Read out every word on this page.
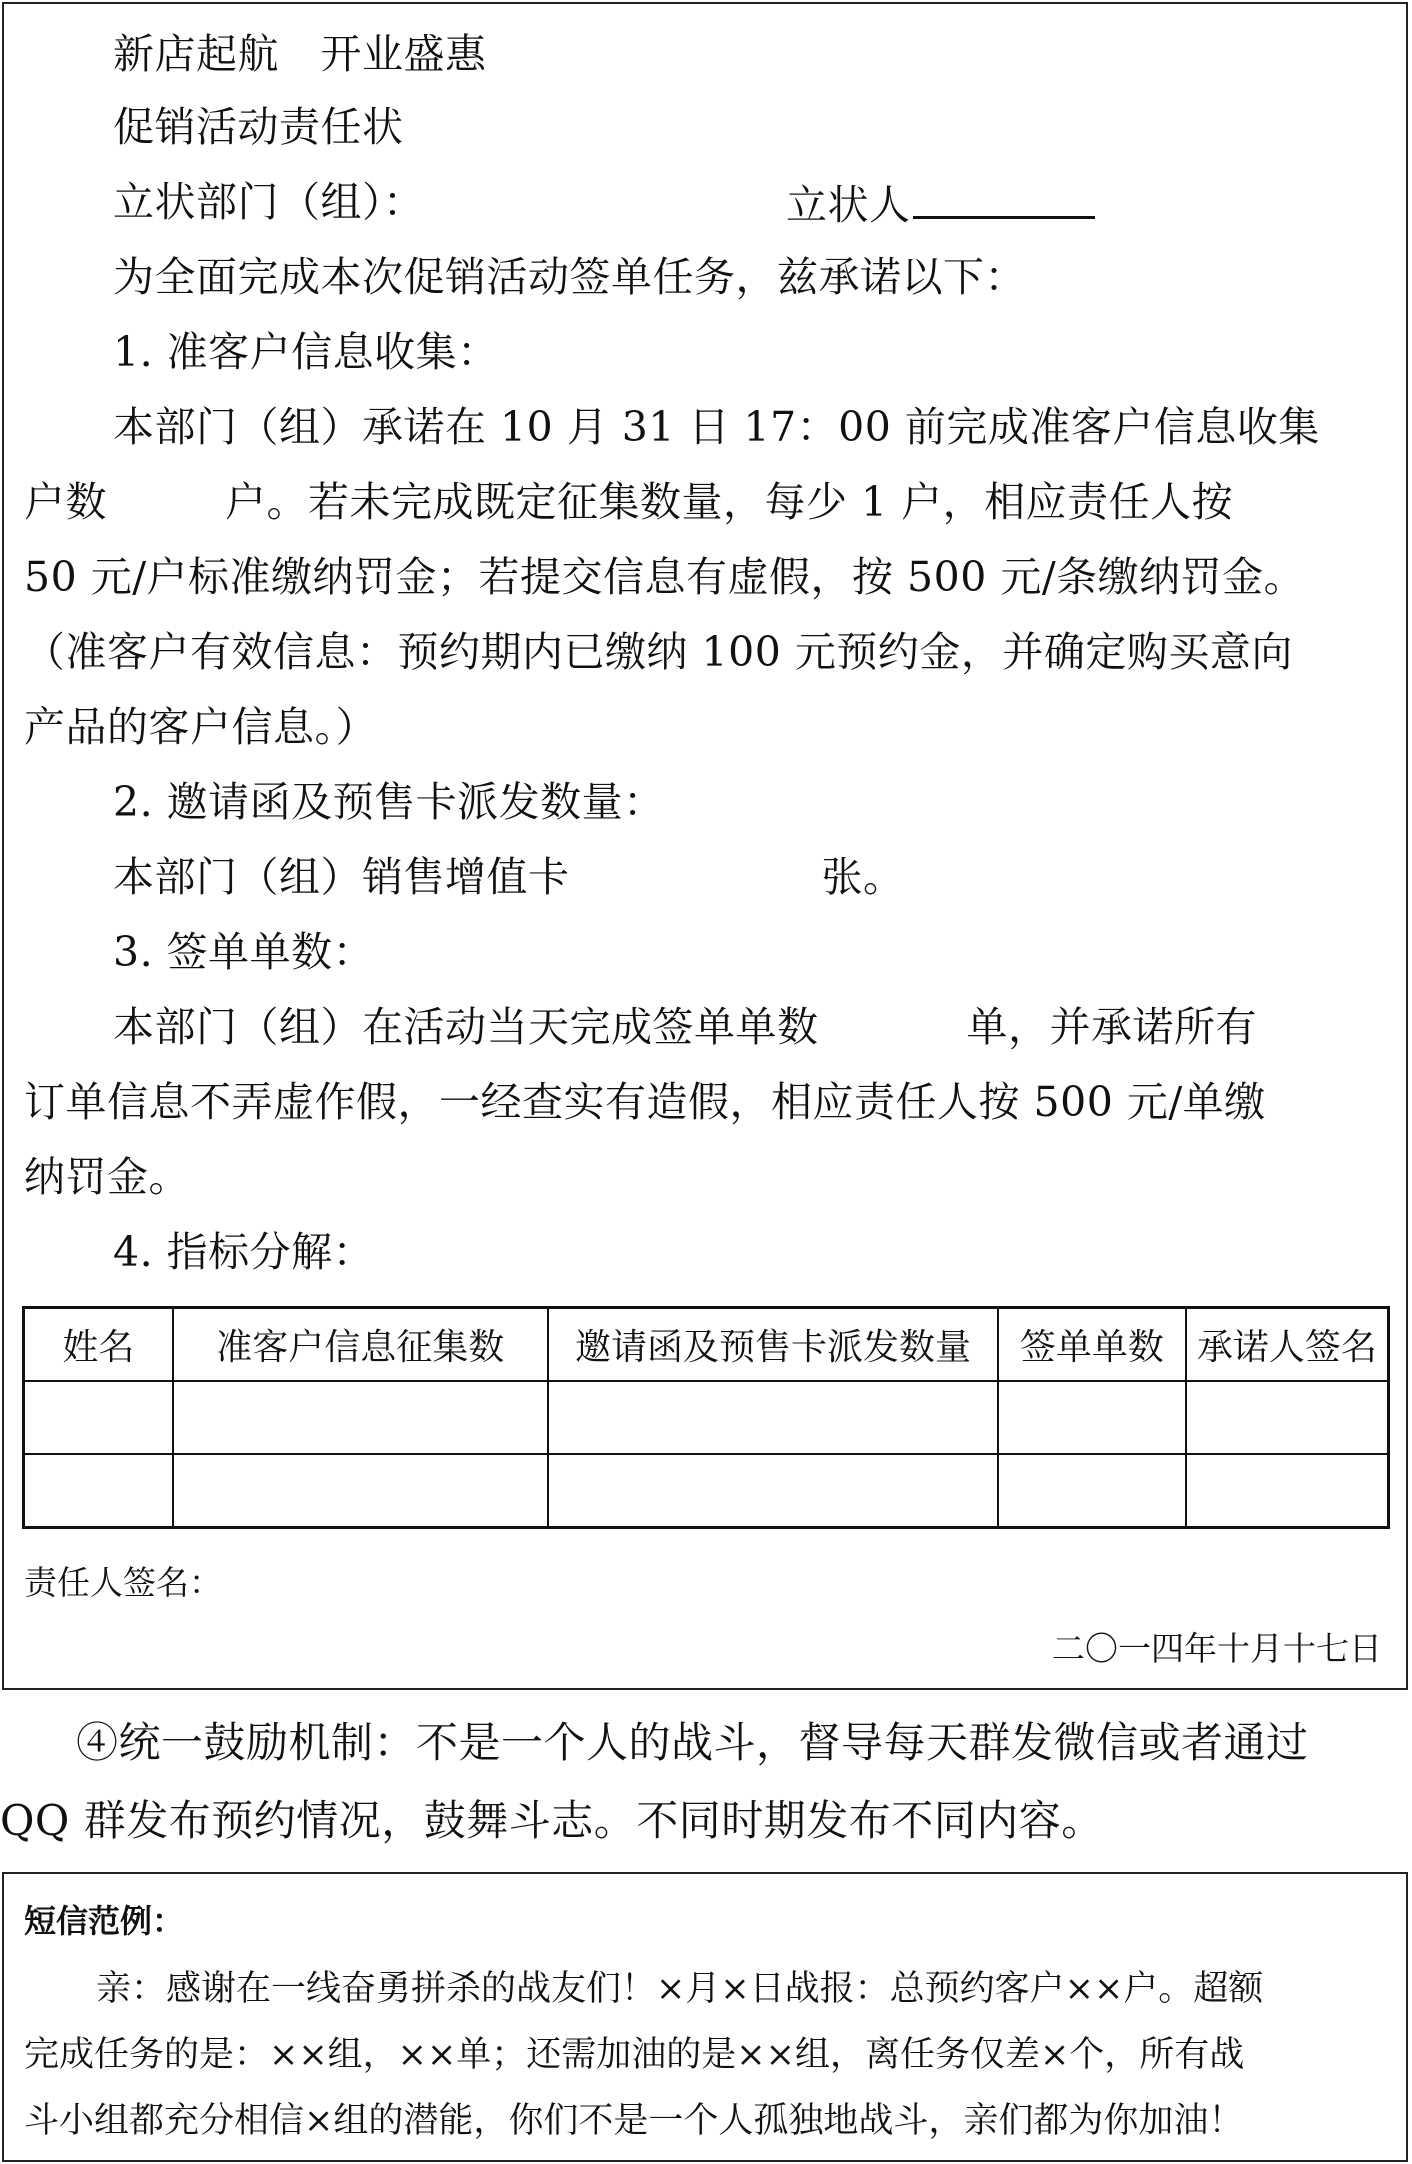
新店起航　开业盛惠
促销活动责任状
立状部门（组）：	立状人
为全面完成本次促销活动签单任务，兹承诺以下：
1. 准客户信息收集：
本部门（组）承诺在 10 月 31 日 17：00 前完成准客户信息收集
户数	户。若未完成既定征集数量，每少 1 户，相应责任人按
50 元/户标准缴纳罚金；若提交信息有虚假，按 500 元/条缴纳罚金。
（准客户有效信息：预约期内已缴纳 100 元预约金，并确定购买意向
产品的客户信息。）
2. 邀请函及预售卡派发数量：
本部门（组）销售增值卡	张。
3. 签单单数：
本部门（组）在活动当天完成签单单数	单，并承诺所有
订单信息不弄虚作假，一经查实有造假，相应责任人按 500 元/单缴
纳罚金。
4. 指标分解：
姓名	准客户信息征集数	邀请函及预售卡派发数量	签单单数	承诺人签名

责任人签名：
二〇一四年十月十七日
④统一鼓励机制：不是一个人的战斗，督导每天群发微信或者通过
QQ 群发布预约情况，鼓舞斗志。不同时期发布不同内容。
短信范例：
亲：感谢在一线奋勇拼杀的战友们！×月×日战报：总预约客户××户。超额
完成任务的是：××组，××单；还需加油的是××组，离任务仅差×个，所有战
斗小组都充分相信×组的潜能，你们不是一个人孤独地战斗，亲们都为你加油！
